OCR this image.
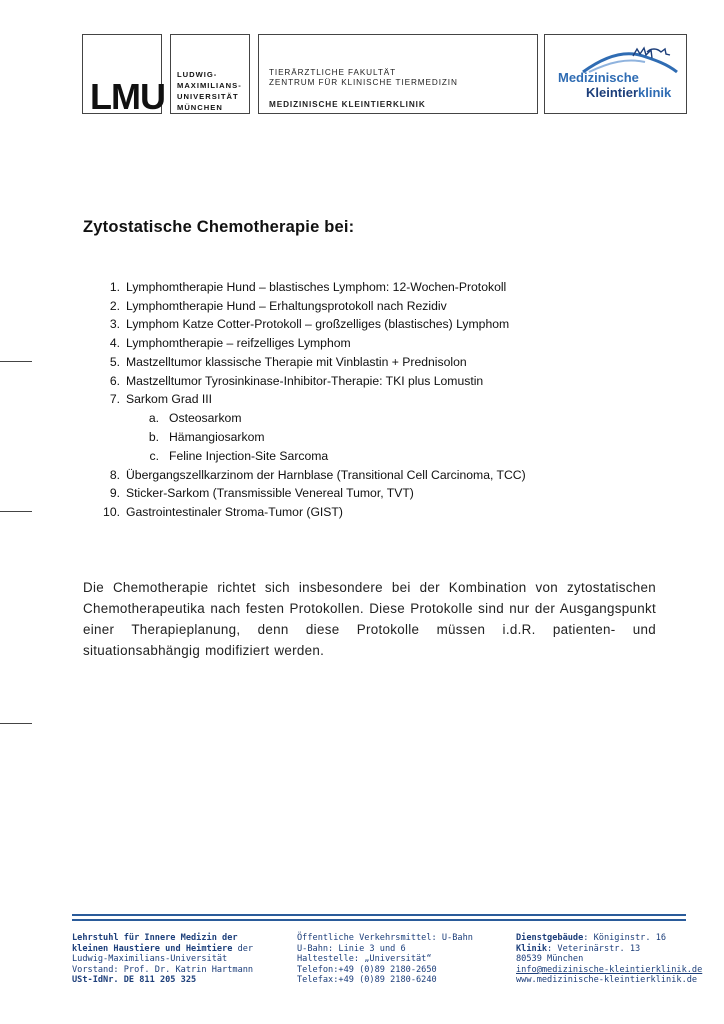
LMU
LUDWIG-
MAXIMILIANS-
UNIVERSITÄT
MÜNCHEN
TIERÄRZTLICHE FAKULTÄT
ZENTRUM FÜR KLINISCHE TIERMEDIZIN
MEDIZINISCHE KLEINTIERKLINIK
Medizinische
Kleintierklinik
Zytostatische Chemotherapie bei:
1. Lymphomtherapie Hund – blastisches Lymphom: 12-Wochen-Protokoll
2. Lymphomtherapie Hund – Erhaltungsprotokoll nach Rezidiv
3. Lymphom Katze Cotter-Protokoll – großzelliges (blastisches) Lymphom
4. Lymphomtherapie – reifzelliges Lymphom
5. Mastzelltumor klassische Therapie mit Vinblastin + Prednisolon
6. Mastzelltumor Tyrosinkinase-Inhibitor-Therapie: TKI plus Lomustin
7. Sarkom Grad III
a. Osteosarkom
b. Hämangiosarkom
c. Feline Injection-Site Sarcoma
8. Übergangszellkarzinom der Harnblase (Transitional Cell Carcinoma, TCC)
9. Sticker-Sarkom (Transmissible Venereal Tumor, TVT)
10. Gastrointestinaler Stroma-Tumor (GIST)
Die Chemotherapie richtet sich insbesondere bei der Kombination von zytostatischen Chemotherapeutika nach festen Protokollen. Diese Protokolle sind nur der Ausgangspunkt einer Therapieplanung, denn diese Protokolle müssen i.d.R. patienten- und situationsabhängig modifiziert werden.
Lehrstuhl für Innere Medizin der
kleinen Haustiere und Heimtiere der
Ludwig-Maximilians-Universität
Vorstand: Prof. Dr. Katrin Hartmann
USt-IdNr. DE 811 205 325
Öffentliche Verkehrsmittel: U-Bahn
U-Bahn: Linie 3 und 6
Haltestelle: „Universität“
Telefon:+49 (0)89 2180-2650
Telefax:+49 (0)89 2180-6240
Dienstgebäude: Königinstr. 16
Klinik: Veterinärstr. 13
80539 München
info@medizinische-kleintierklinik.de
www.medizinische-kleintierklinik.de
